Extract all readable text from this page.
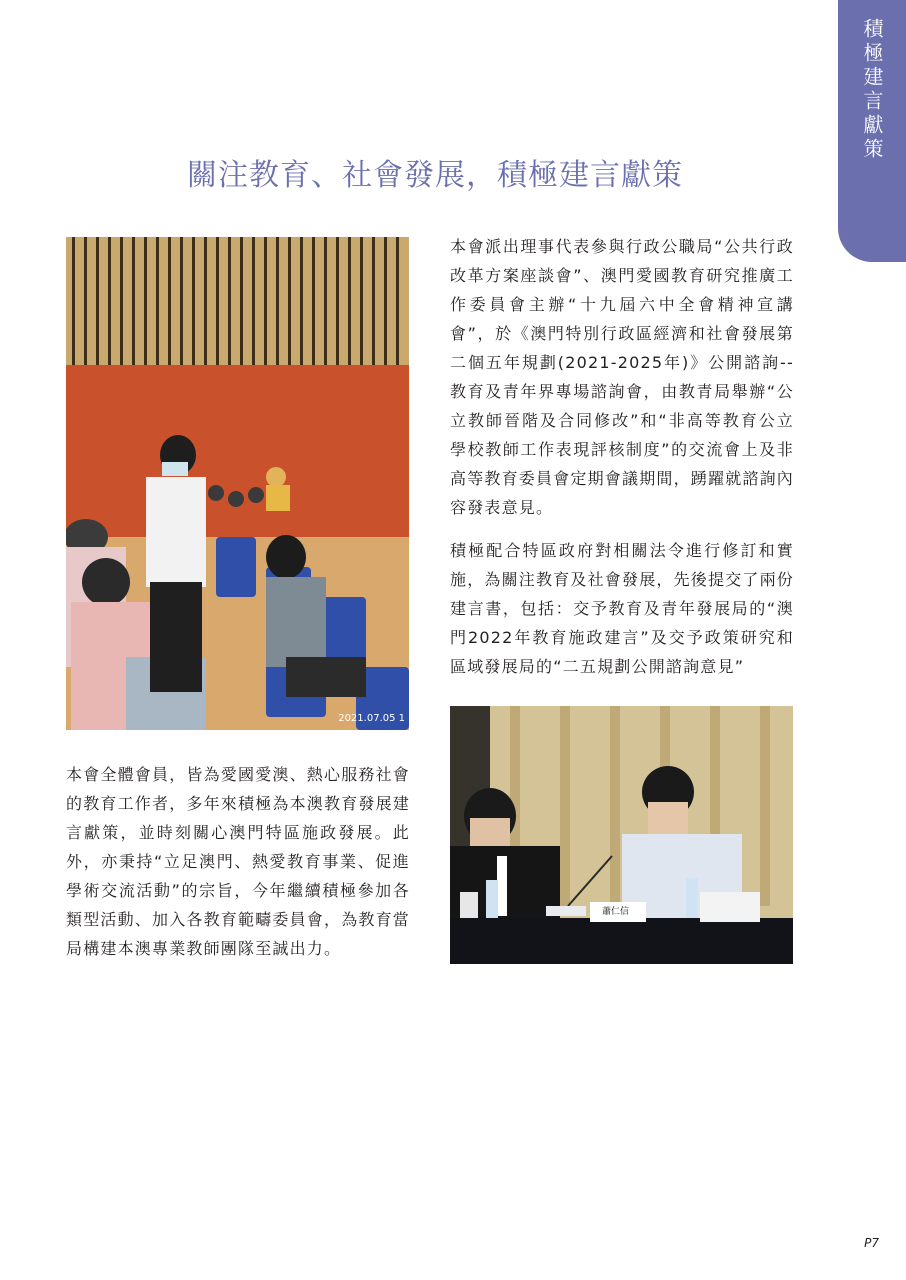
積極建言獻策
關注教育、社會發展，積極建言獻策
2021.07.05 1

本會派出理事代表參與行政公職局“公共行政改革方案座談會”、澳門愛國教育研究推廣工作委員會主辦“十九屆六中全會精神宣講會”，於《澳門特別行政區經濟和社會發展第二個五年規劃(2021-2025年)》公開諮詢--教育及青年界專場諮詢會，由教青局舉辦“公立教師晉階及合同修改”和“非高等教育公立學校教師工作表現評核制度”的交流會上及非高等教育委員會定期會議期間，踴躍就諮詢內容發表意見。

積極配合特區政府對相關法令進行修訂和實施，為關注教育及社會發展，先後提交了兩份建言書，包括：交予教育及青年發展局的“澳門2022年教育施政建言”及交予政策研究和區域發展局的“二五規劃公開諮詢意見”

蕭仁信

本會全體會員，皆為愛國愛澳、熱心服務社會的教育工作者，多年來積極為本澳教育發展建言獻策，並時刻關心澳門特區施政發展。此外，亦秉持“立足澳門、熱愛教育事業、促進學術交流活動”的宗旨，今年繼續積極參加各類型活動、加入各教育範疇委員會，為教育當局構建本澳專業教師團隊至誠出力。

P7
